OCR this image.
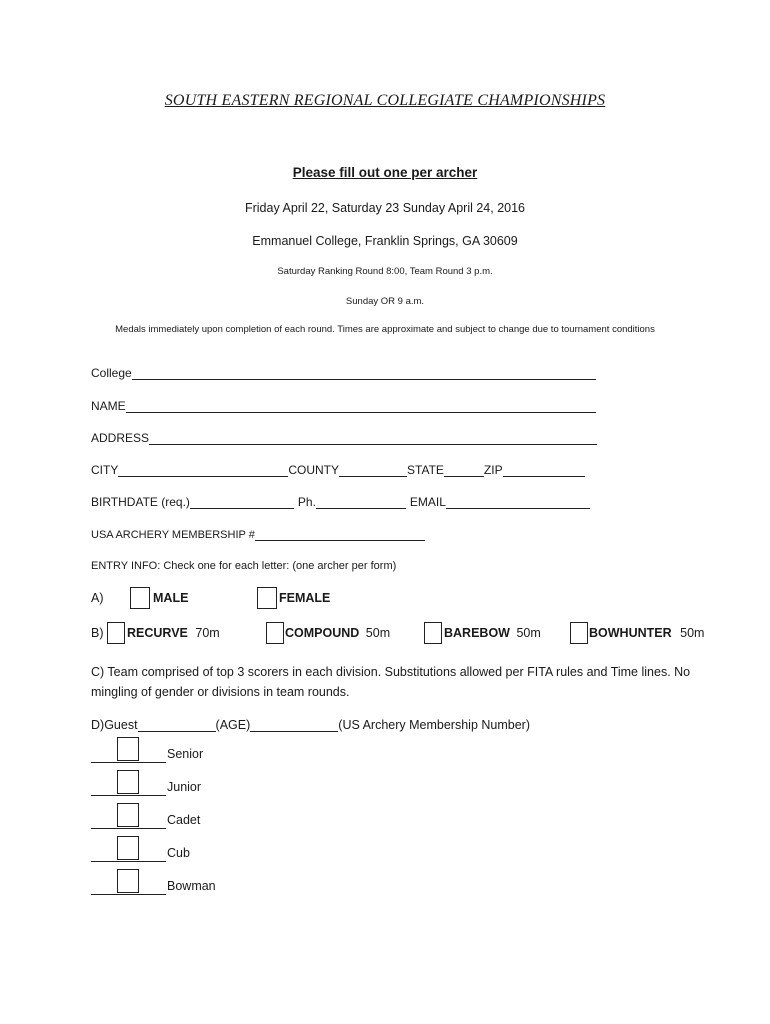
SOUTH EASTERN REGIONAL COLLEGIATE CHAMPIONSHIPS
Please fill out one per archer
Friday April 22, Saturday 23 Sunday April 24, 2016
Emmanuel College, Franklin Springs, GA 30609
Saturday Ranking Round 8:00, Team Round 3 p.m.
Sunday OR 9 a.m.
Medals immediately upon completion of each round. Times are approximate and subject to change due to tournament conditions
College
NAME
ADDRESS
CITY	COUNTY	STATE	ZIP
BIRTHDATE (req.)	Ph.	EMAIL
USA ARCHERY MEMBERSHIP #
ENTRY INFO: Check one for each letter: (one archer per form)
A)	MALE	FEMALE
B) RECURVE 70m	COMPOUND 50m	BAREBOW 50m	BOWHUNTER 50m
C) Team comprised of top 3 scorers in each division. Substitutions allowed per FITA rules and Time lines. No mingling of gender or divisions in team rounds.
D)Guest	(AGE)	(US Archery Membership Number)
Senior
Junior
Cadet
Cub
Bowman
